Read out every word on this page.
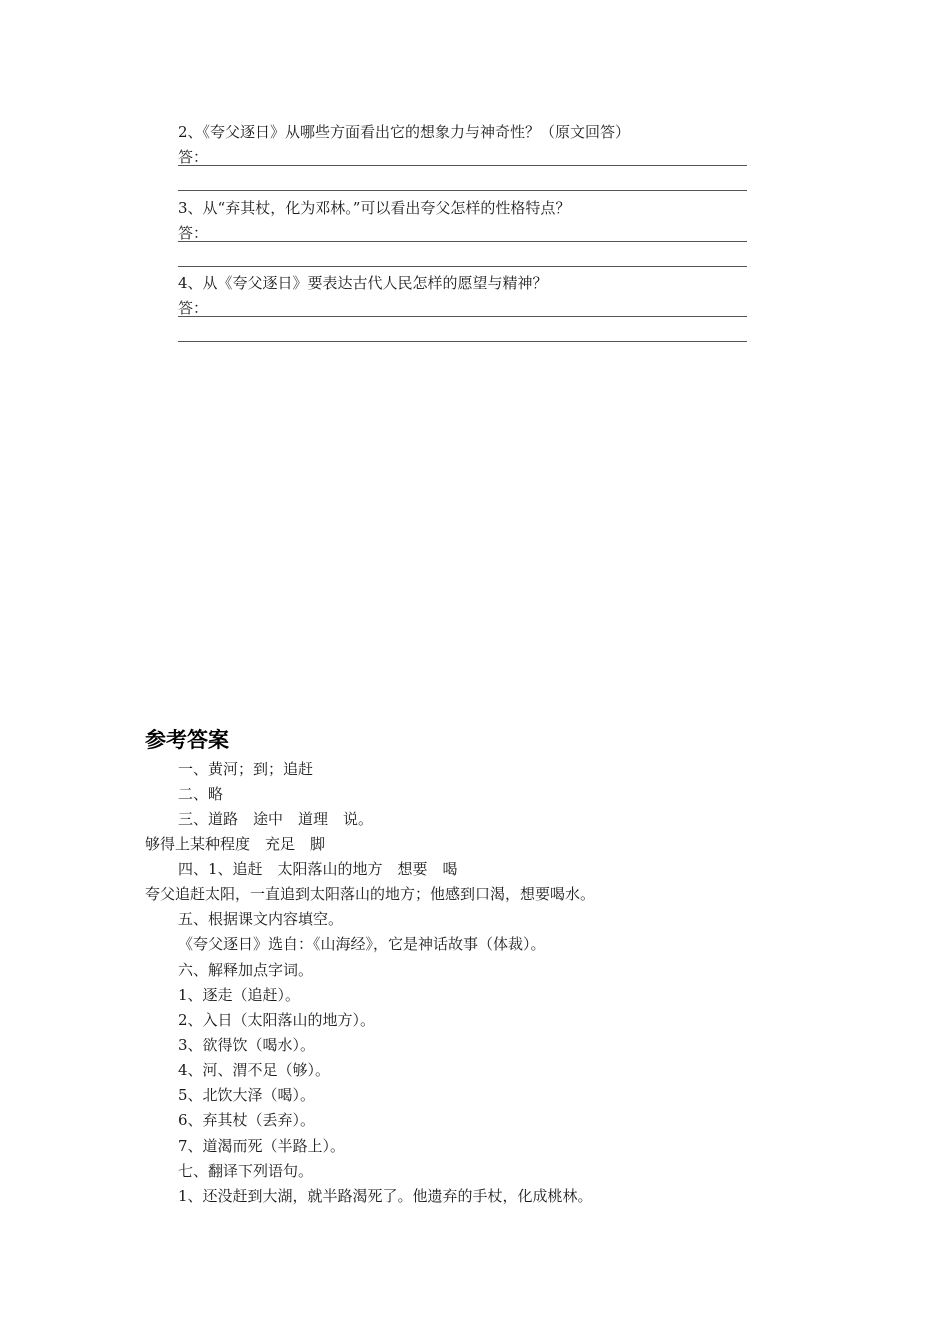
2、《夸父逐日》从哪些方面看出它的想象力与神奇性？（原文回答）
答：
3、从“弃其杖，化为邓林。”可以看出夸父怎样的性格特点？
答：
4、从《夸父逐日》要表达古代人民怎样的愿望与精神？
答：
参考答案
一、黄河；到；追赶
二、略
三、道路　途中　道理　说。
够得上某种程度　充足　脚
四、1、追赶　太阳落山的地方　想要　喝
夸父追赶太阳，一直追到太阳落山的地方；他感到口渴，想要喝水。
五、根据课文内容填空。
《夸父逐日》选自：《山海经》，它是神话故事（体裁）。
六、解释加点字词。
1、逐走（追赶）。
2、入日（太阳落山的地方）。
3、欲得饮（喝水）。
4、河、渭不足（够）。
5、北饮大泽（喝）。
6、弃其杖（丢弃）。
7、道渴而死（半路上）。
七、翻译下列语句。
1、还没赶到大湖，就半路渴死了。他遗弃的手杖，化成桃林。
